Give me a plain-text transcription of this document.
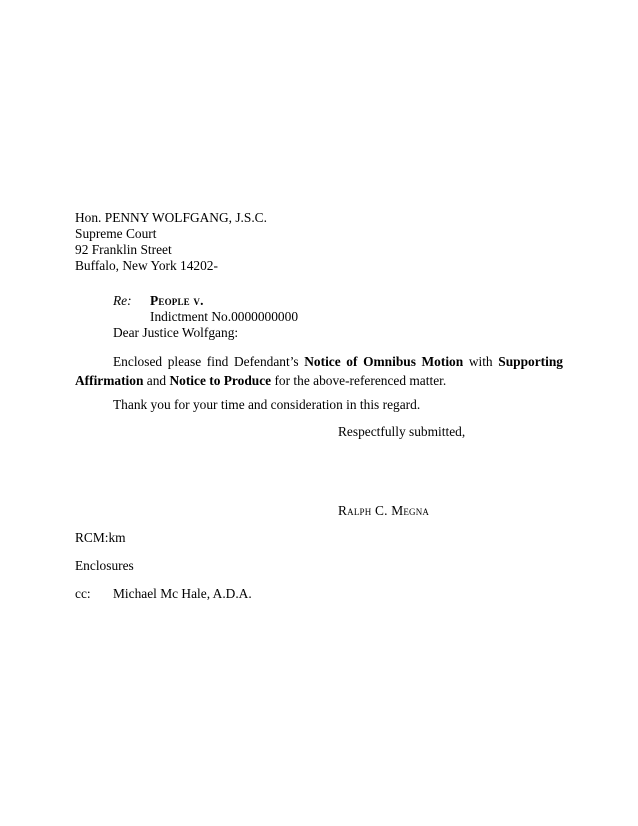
Hon. PENNY WOLFGANG, J.S.C.
Supreme Court
92 Franklin Street
Buffalo, New York 14202-
Re: People v.
Indictment No.0000000000
Dear Justice Wolfgang:
Enclosed please find Defendant’s Notice of Omnibus Motion with Supporting Affirmation and Notice to Produce for the above-referenced matter.
Thank you for your time and consideration in this regard.
Respectfully submitted,
Ralph C. Megna
RCM:km
Enclosures
cc: Michael Mc Hale, A.D.A.
